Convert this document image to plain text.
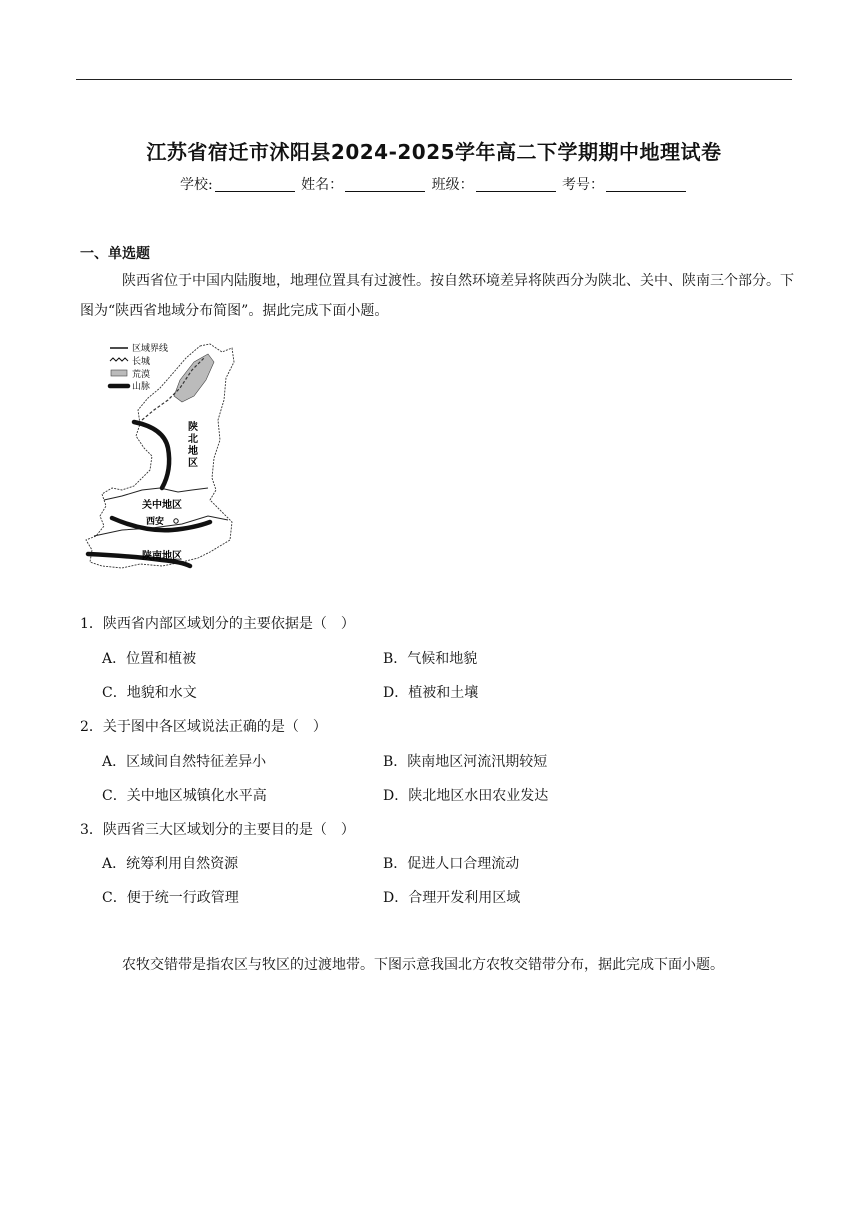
江苏省宿迁市沭阳县2024-2025学年高二下学期期中地理试卷
学校:	姓名：	班级：	考号：
一、单选题
陕西省位于中国内陆腹地，地理位置具有过渡性。按自然环境差异将陕西分为陕北、关中、陕南三个部分。下图为“陕西省地域分布简图”。据此完成下面小题。
区域界线
长城
荒漠
山脉
陕
北
地
区
关中地区
西安
陕南地区
1．陕西省内部区域划分的主要依据是（　）
A．位置和植被	B．气候和地貌
C．地貌和水文	D．植被和土壤
2．关于图中各区域说法正确的是（　）
A．区域间自然特征差异小	B．陕南地区河流汛期较短
C．关中地区城镇化水平高	D．陕北地区水田农业发达
3．陕西省三大区域划分的主要目的是（　）
A．统筹利用自然资源	B．促进人口合理流动
C．便于统一行政管理	D．合理开发利用区域
农牧交错带是指农区与牧区的过渡地带。下图示意我国北方农牧交错带分布，据此完成下面小题。
